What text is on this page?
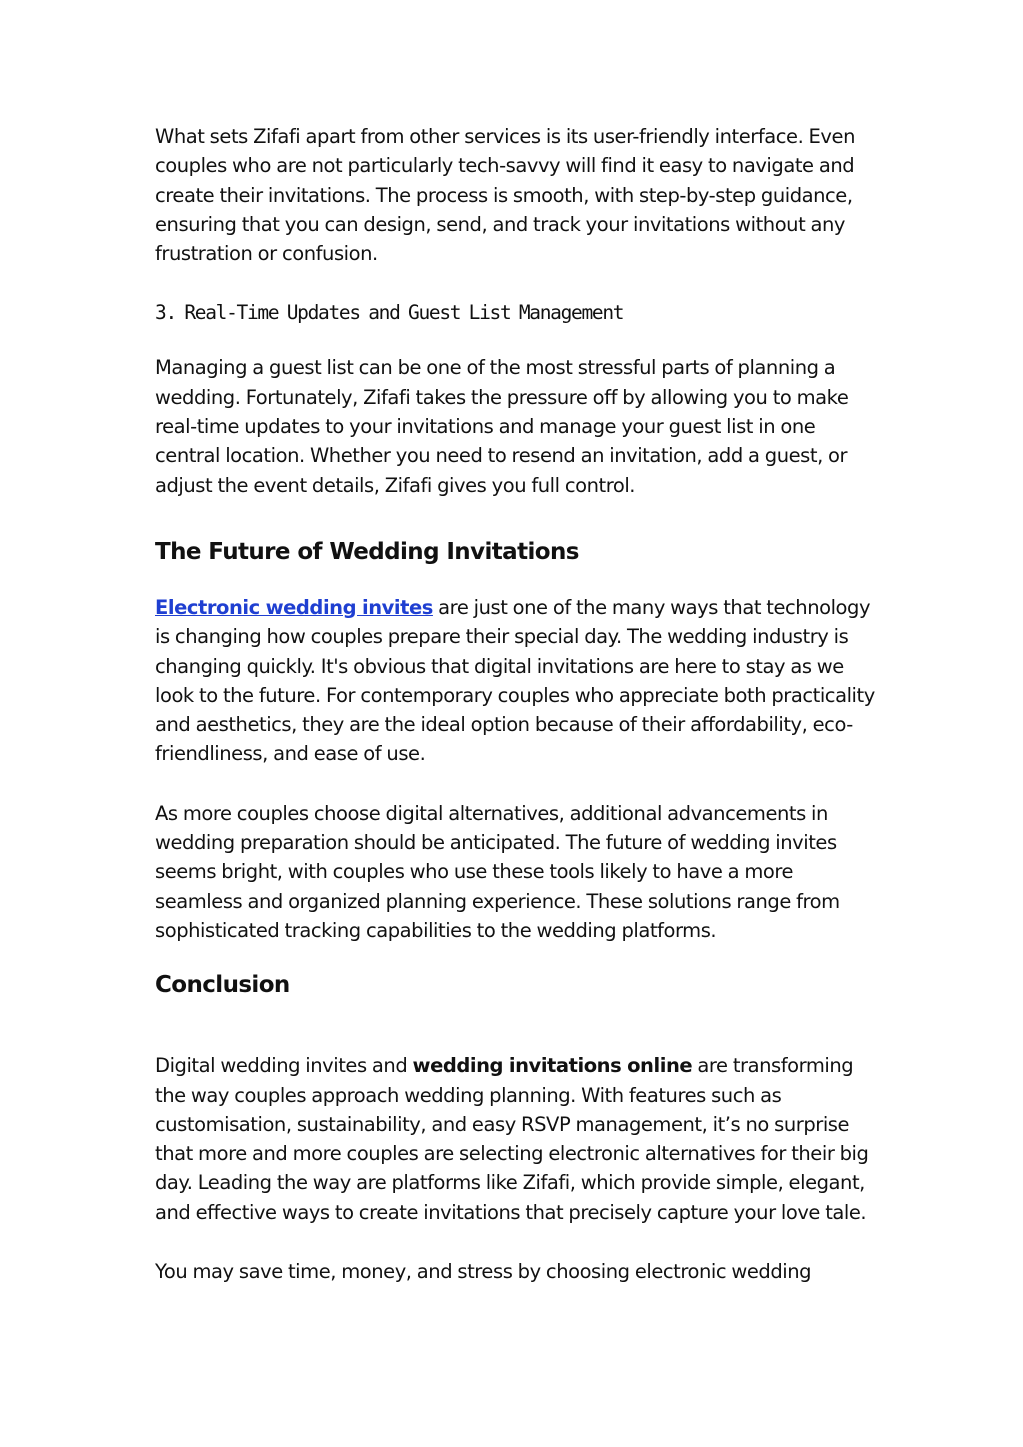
What sets Zifafi apart from other services is its user-friendly interface. Even couples who are not particularly tech-savvy will find it easy to navigate and create their invitations. The process is smooth, with step-by-step guidance, ensuring that you can design, send, and track your invitations without any frustration or confusion.

3. Real-Time Updates and Guest List Management

Managing a guest list can be one of the most stressful parts of planning a wedding. Fortunately, Zifafi takes the pressure off by allowing you to make real-time updates to your invitations and manage your guest list in one central location. Whether you need to resend an invitation, add a guest, or adjust the event details, Zifafi gives you full control.

The Future of Wedding Invitations

Electronic wedding invites are just one of the many ways that technology is changing how couples prepare their special day. The wedding industry is changing quickly. It's obvious that digital invitations are here to stay as we look to the future. For contemporary couples who appreciate both practicality and aesthetics, they are the ideal option because of their affordability, eco-friendliness, and ease of use.

As more couples choose digital alternatives, additional advancements in wedding preparation should be anticipated. The future of wedding invites seems bright, with couples who use these tools likely to have a more seamless and organized planning experience. These solutions range from sophisticated tracking capabilities to the wedding platforms.

Conclusion

Digital wedding invites and wedding invitations online are transforming the way couples approach wedding planning. With features such as customisation, sustainability, and easy RSVP management, it’s no surprise that more and more couples are selecting electronic alternatives for their big day. Leading the way are platforms like Zifafi, which provide simple, elegant, and effective ways to create invitations that precisely capture your love tale.

You may save time, money, and stress by choosing electronic wedding
